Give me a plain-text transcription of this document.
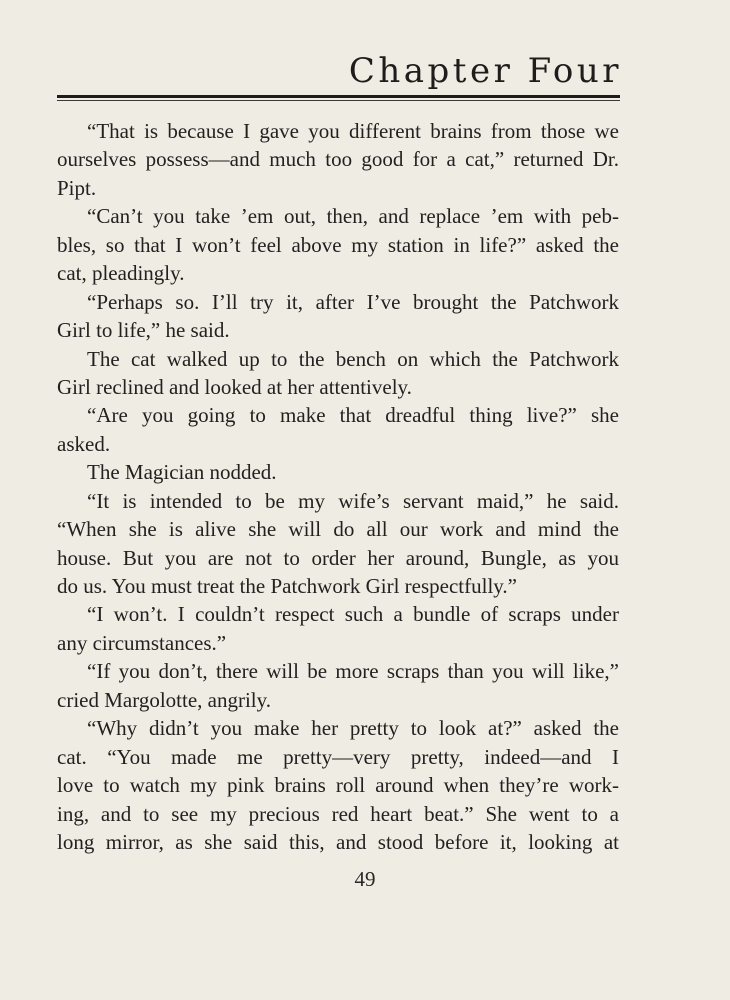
Chapter Four
“That is because I gave you different brains from those we
ourselves possess—and much too good for a cat,” returned Dr.
Pipt.
“Can’t you take ’em out, then, and replace ’em with peb-
bles, so that I won’t feel above my station in life?” asked the
cat, pleadingly.
“Perhaps so. I’ll try it, after I’ve brought the Patchwork
Girl to life,” he said.
The cat walked up to the bench on which the Patchwork
Girl reclined and looked at her attentively.
“Are you going to make that dreadful thing live?” she
asked.
The Magician nodded.
“It is intended to be my wife’s servant maid,” he said.
“When she is alive she will do all our work and mind the
house. But you are not to order her around, Bungle, as you
do us. You must treat the Patchwork Girl respectfully.”
“I won’t. I couldn’t respect such a bundle of scraps under
any circumstances.”
“If you don’t, there will be more scraps than you will like,”
cried Margolotte, angrily.
“Why didn’t you make her pretty to look at?” asked the
cat. “You made me pretty—very pretty, indeed—and I
love to watch my pink brains roll around when they’re work-
ing, and to see my precious red heart beat.” She went to a
long mirror, as she said this, and stood before it, looking at
49
